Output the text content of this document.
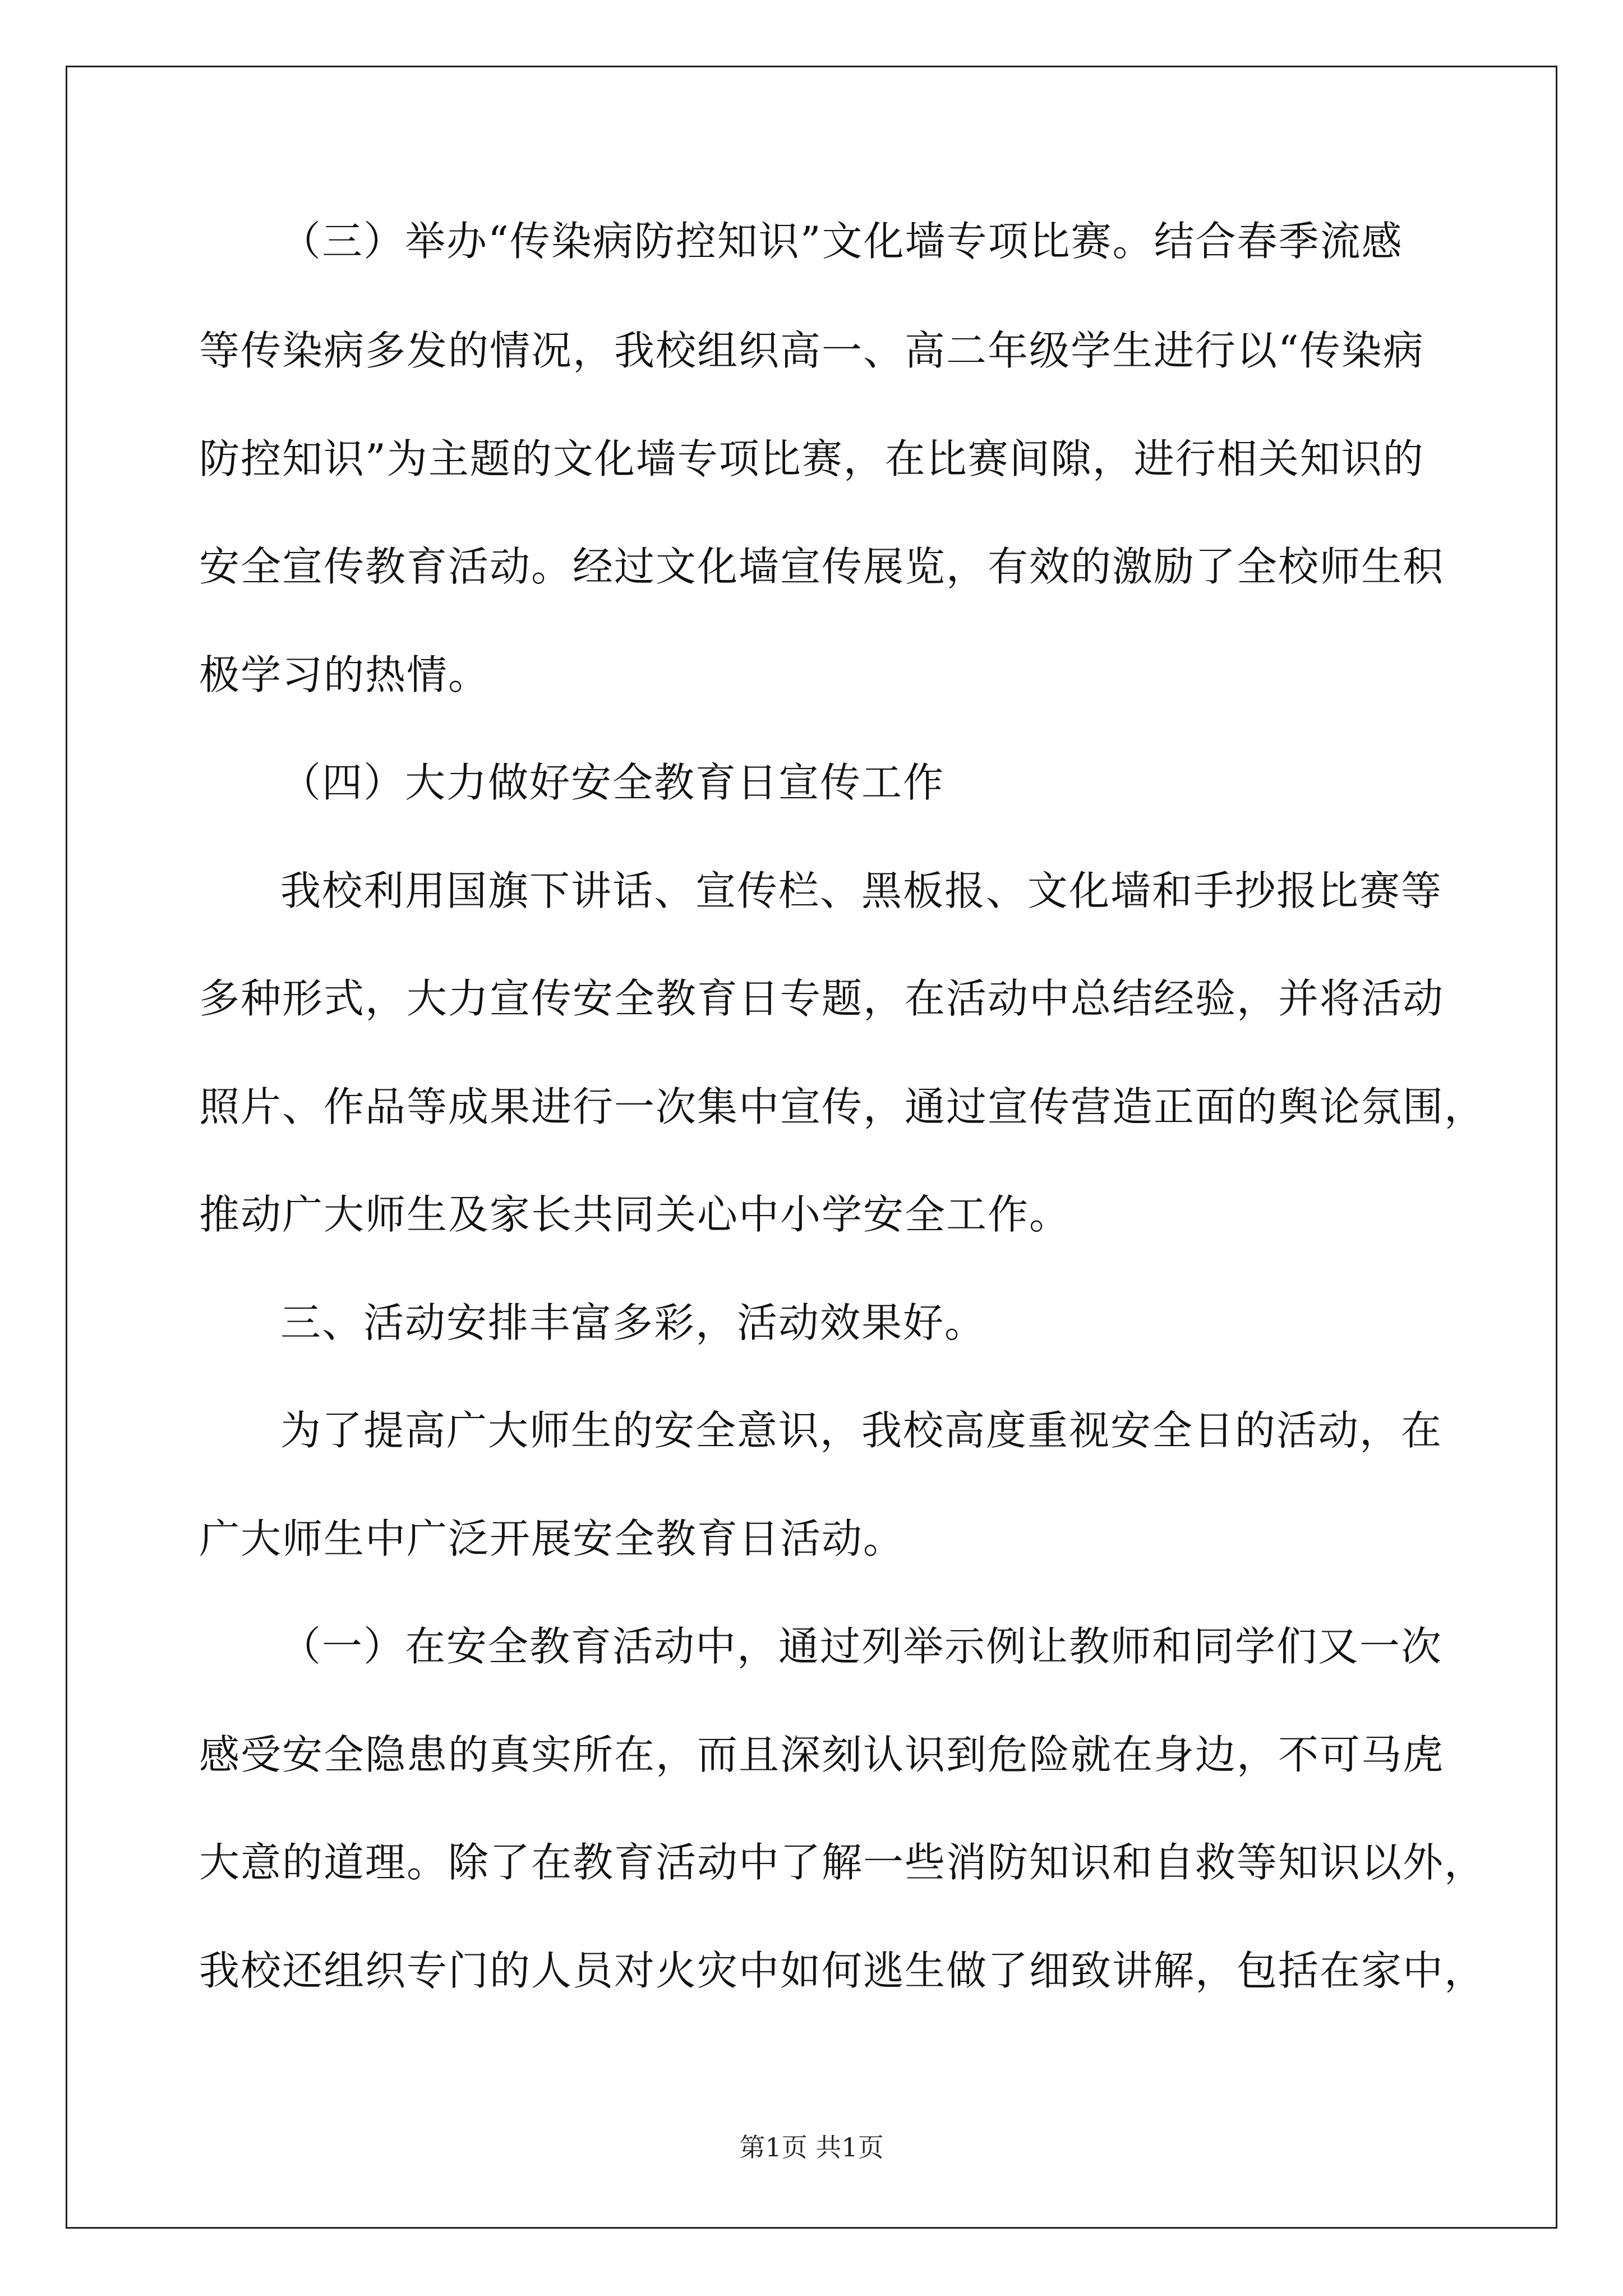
（三）举办“传染病防控知识”文化墙专项比赛。结合春季流感
等传染病多发的情况，我校组织高一、高二年级学生进行以“传染病
防控知识”为主题的文化墙专项比赛，在比赛间隙，进行相关知识的
安全宣传教育活动。经过文化墙宣传展览，有效的激励了全校师生积
极学习的热情。
（四）大力做好安全教育日宣传工作
我校利用国旗下讲话、宣传栏、黑板报、文化墙和手抄报比赛等
多种形式，大力宣传安全教育日专题，在活动中总结经验，并将活动
照片、作品等成果进行一次集中宣传，通过宣传营造正面的舆论氛围，
推动广大师生及家长共同关心中小学安全工作。
三、活动安排丰富多彩，活动效果好。
为了提高广大师生的安全意识，我校高度重视安全日的活动，在
广大师生中广泛开展安全教育日活动。
（一）在安全教育活动中，通过列举示例让教师和同学们又一次
感受安全隐患的真实所在，而且深刻认识到危险就在身边，不可马虎
大意的道理。除了在教育活动中了解一些消防知识和自救等知识以外，
我校还组织专门的人员对火灾中如何逃生做了细致讲解，包括在家中，
第1页 共1页
